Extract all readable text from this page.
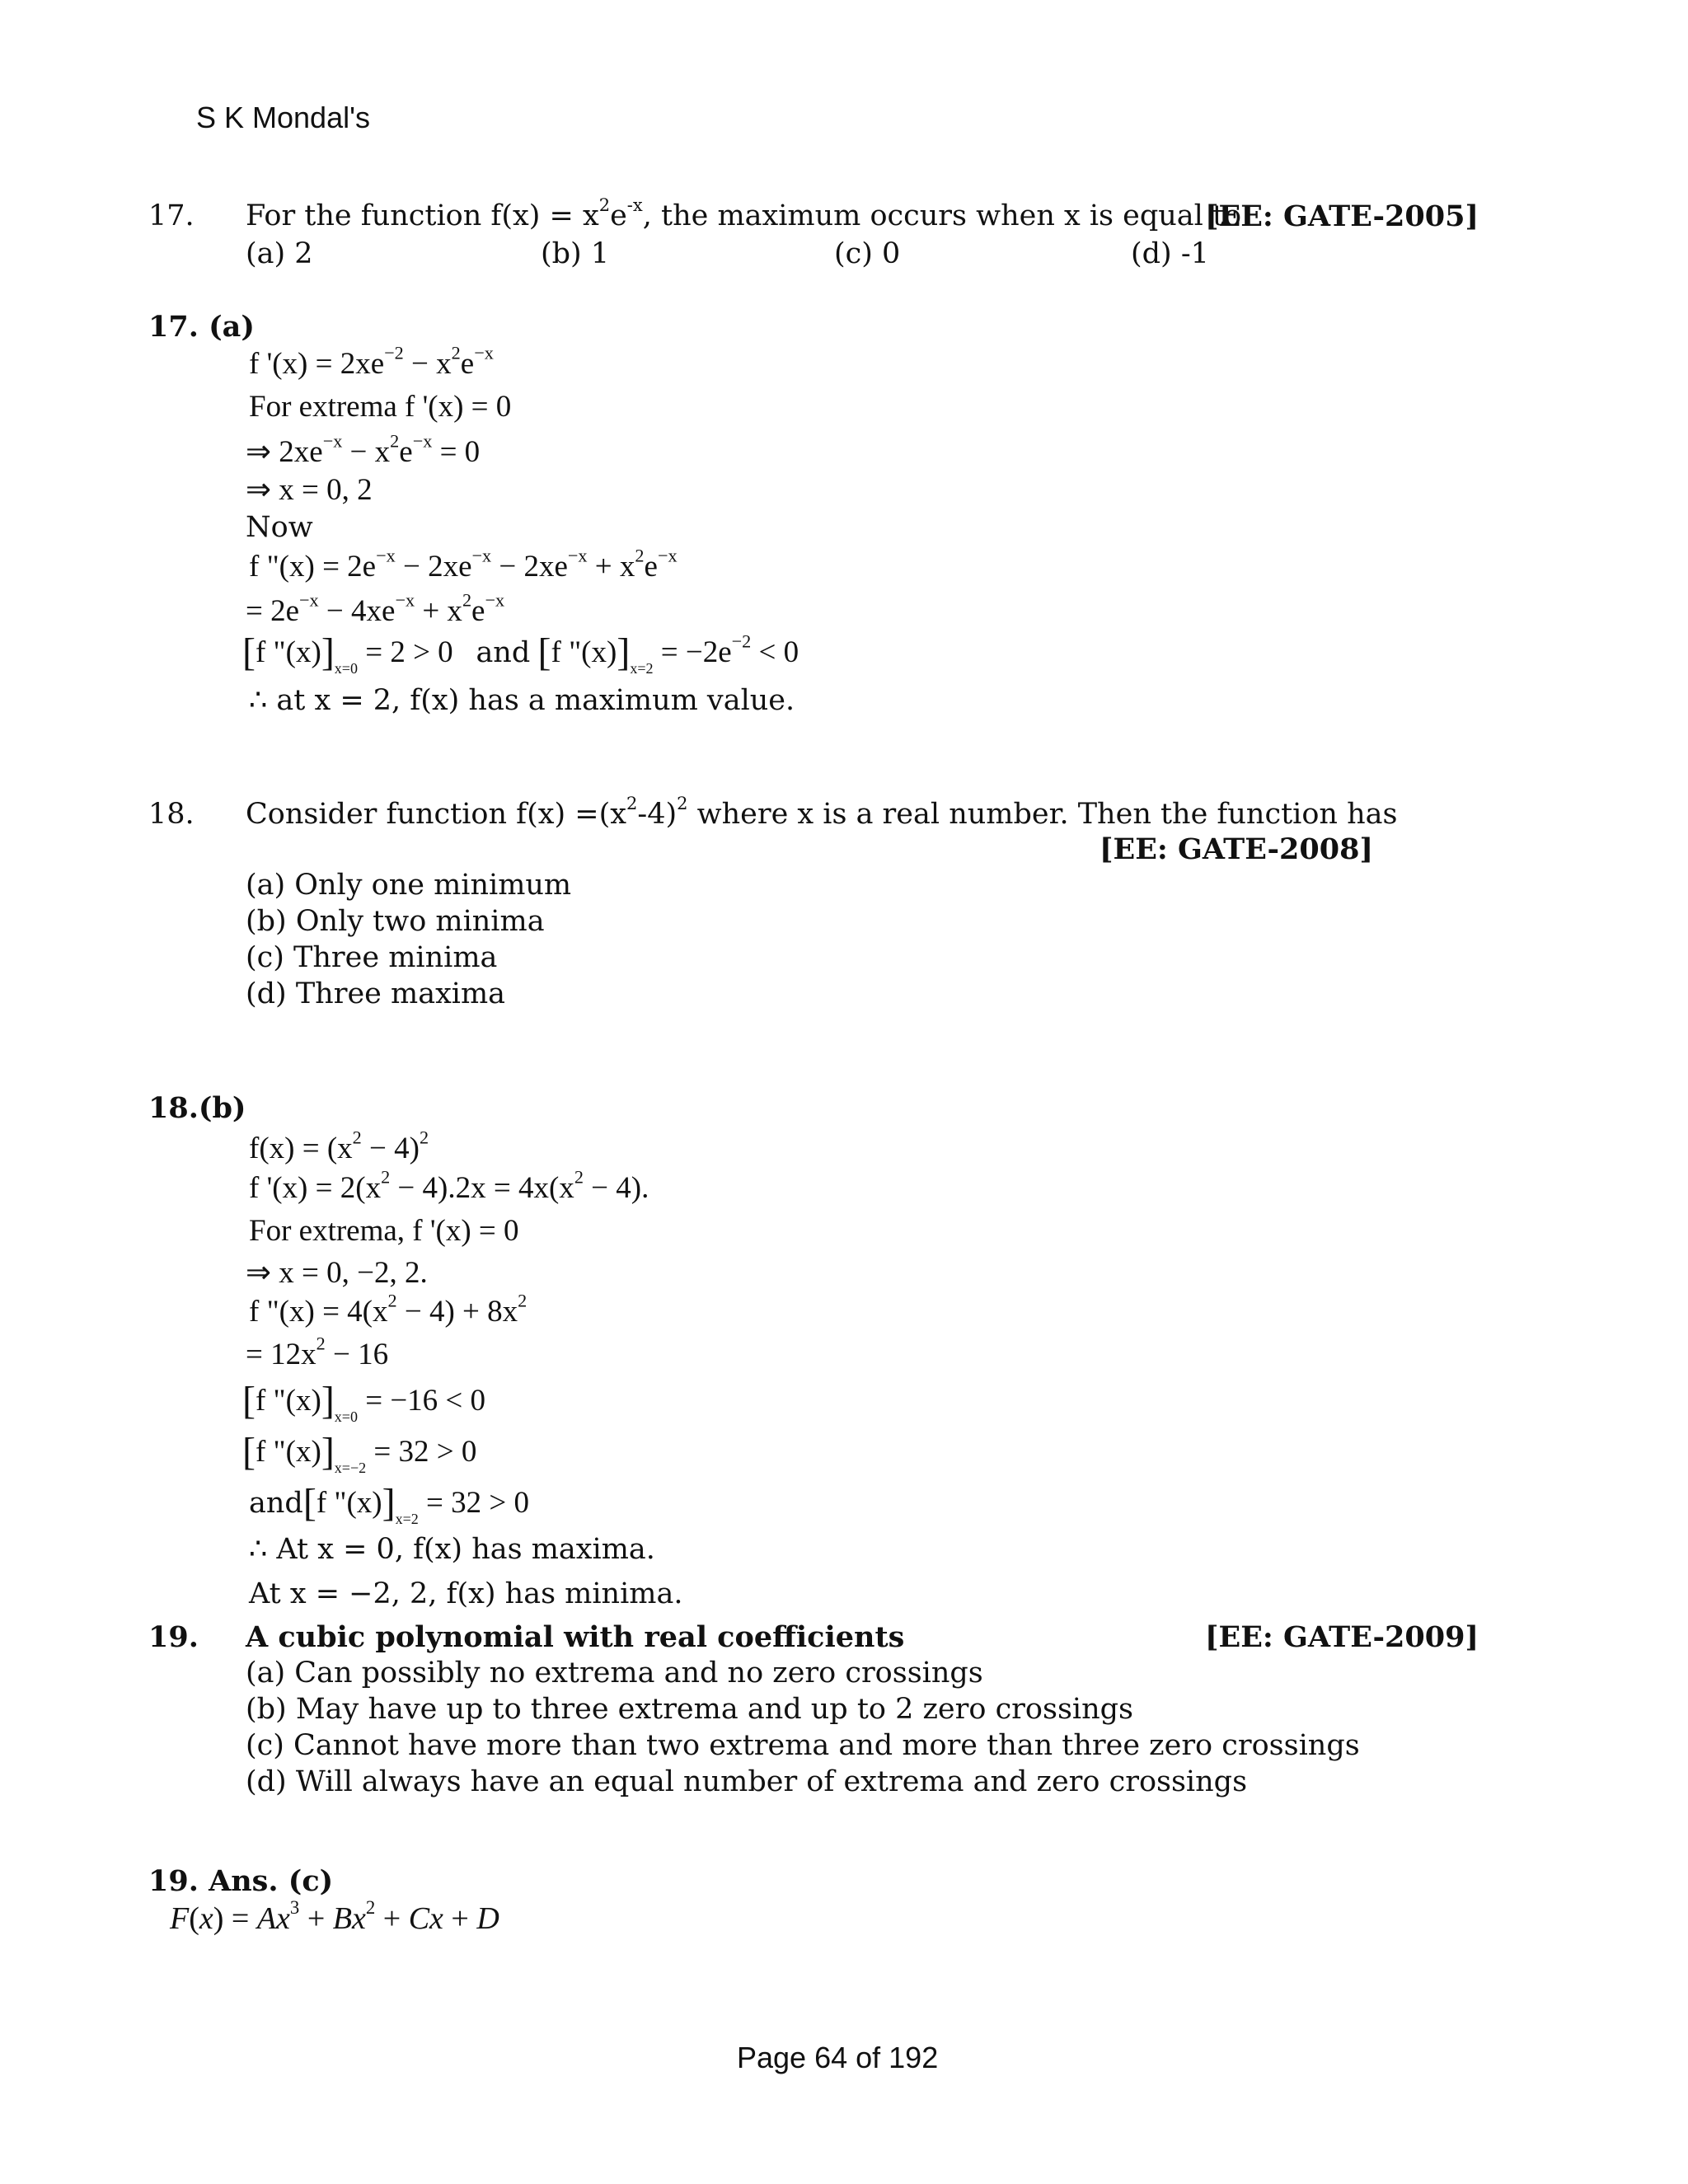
S K Mondal's
17. For the function $f(x) = x^2e^{-x}$, the maximum occurs when x is equal to
[EE: GATE-2005]
(a) 2	(b) 1	(c) 0	(d) -1
17. (a)
f '$(x) = 2xe^{-2} - x^2e^{-x}$
For extrema f '(x) = 0
⇒ $2xe^{-x} - x^2e^{-x} = 0$
⇒ x = 0, 2
Now
f "$(x) = 2e^{-x} - 2xe^{-x} - 2xe^{-x} + x^2e^{-x}$
= $2e^{-x} - 4xe^{-x} + x^2e^{-x}$
[f "$(x)]_{x=0} = 2 > 0$ and [f "$(x)]_{x=2} = -2e^{-2} < 0$
∴ at x = 2, f(x) has a maximum value.
18. Consider function $f(x) =(x^2-4)^2$ where x is a real number. Then the function has
[EE: GATE-2008]
(a) Only one minimum
(b) Only two minima
(c) Three minima
(d) Three maxima
18.(b)
$f(x) = (x^2 - 4)^2$
f '$(x) = 2(x^2 - 4).2x = 4x(x^2 - 4)$.
For extrema, f '(x) = 0
⇒ x = 0, −2, 2.
f "$(x) = 4(x^2 - 4) + 8x^2$
= $12x^2 - 16$
[f "$(x)]_{x=0} = -16 < 0$
[f "$(x)]_{x=-2} = 32 > 0$
and[f "$(x)]_{x=2} = 32 > 0$
∴ At x = 0, f(x) has maxima.
At x = −2, 2, f(x) has minima.
19. A cubic polynomial with real coefficients	[EE: GATE-2009]
(a) Can possibly no extrema and no zero crossings
(b) May have up to three extrema and up to 2 zero crossings
(c) Cannot have more than two extrema and more than three zero crossings
(d) Will always have an equal number of extrema and zero crossings
19. Ans. (c)
$F(x) = Ax^3 + Bx^2 + Cx + D$
Page 64 of 192
